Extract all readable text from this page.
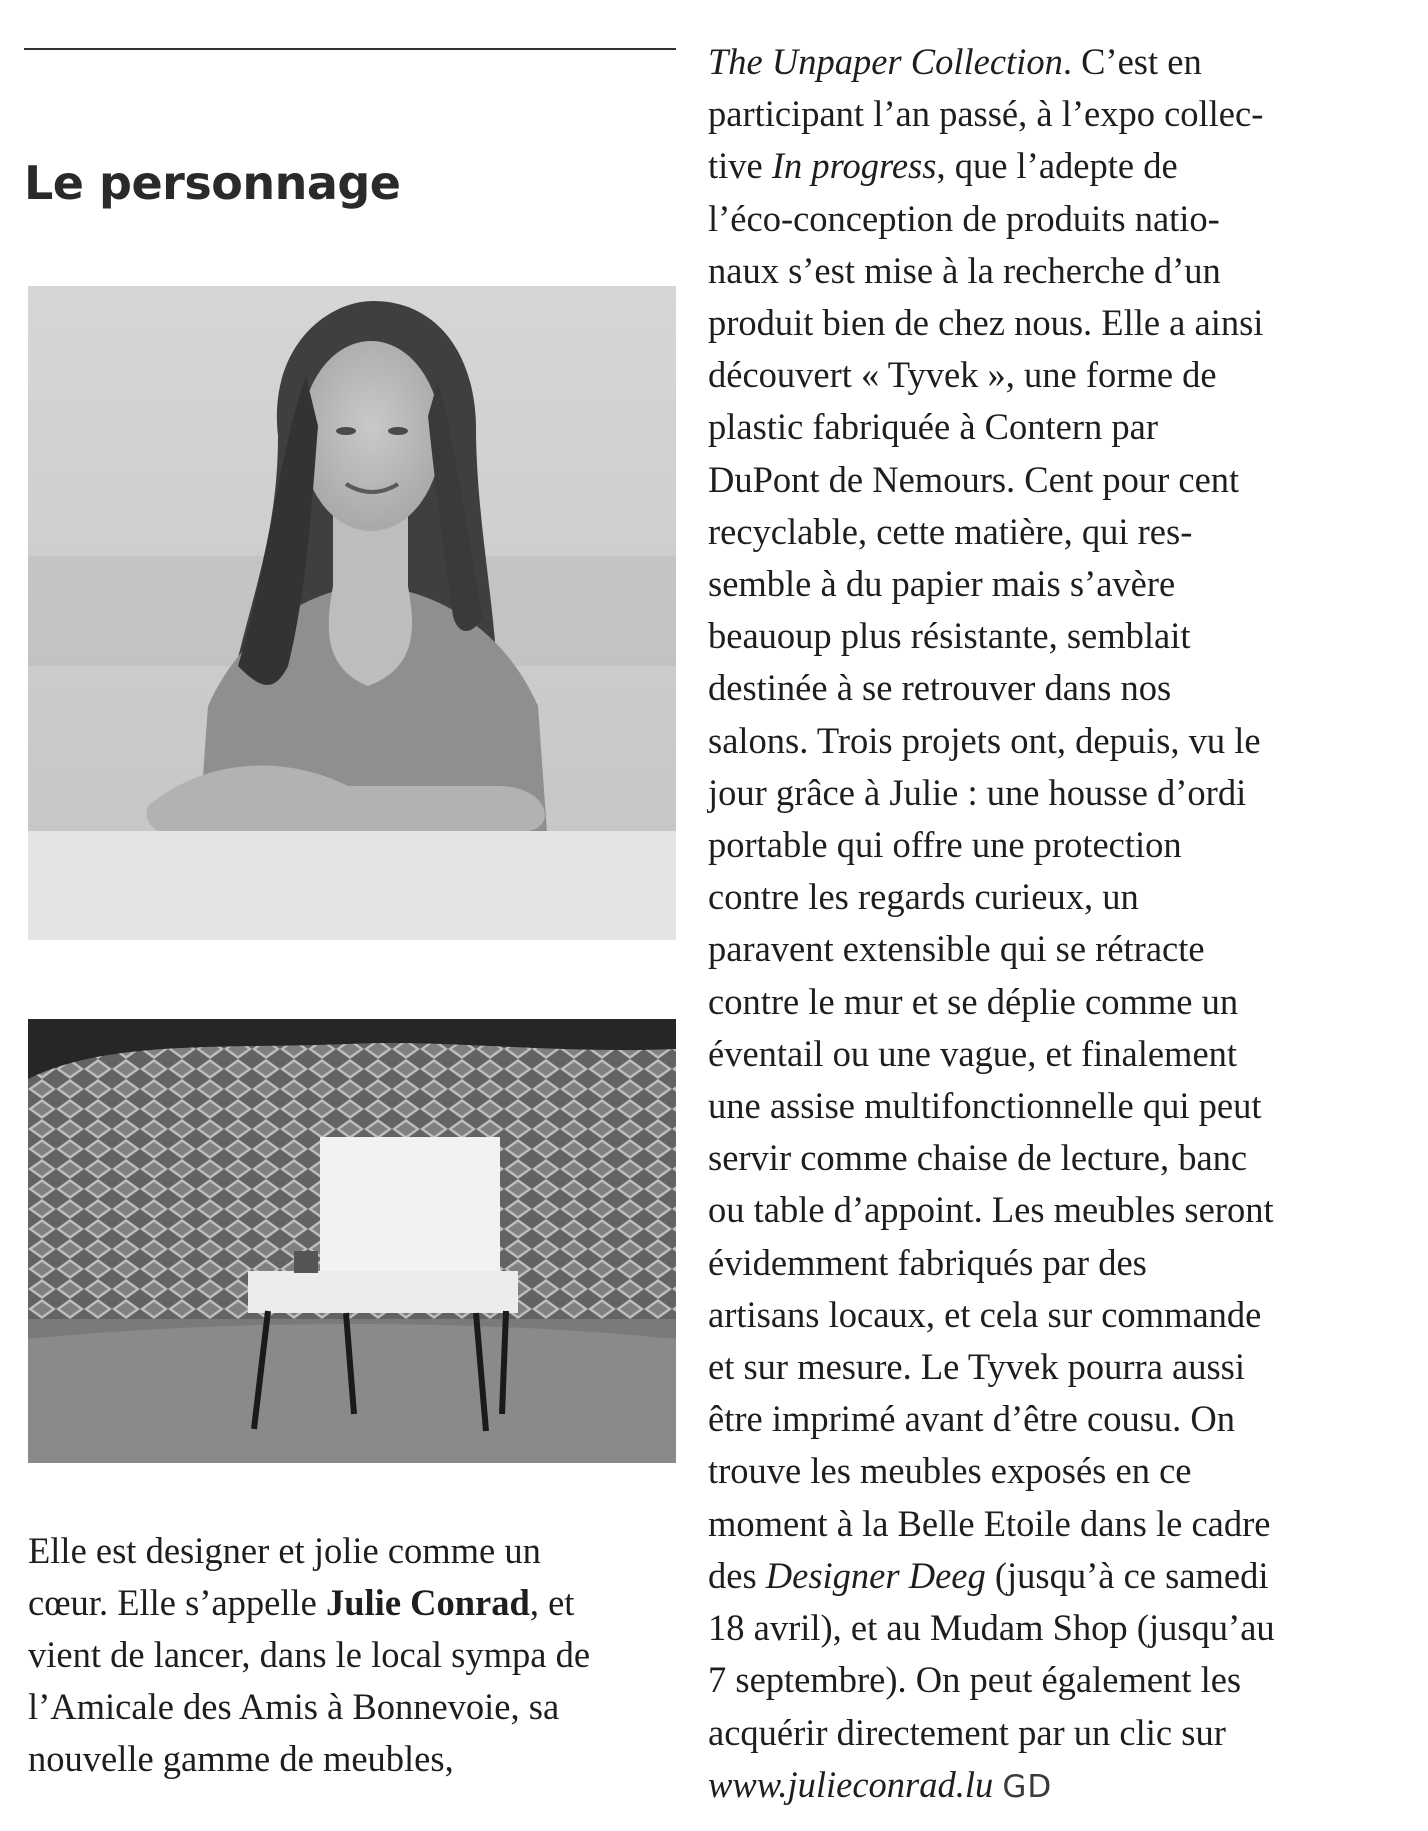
Le personnage

Elle est designer et jolie comme un
cœur. Elle s’appelle Julie Conrad, et
vient de lancer, dans le local sympa de
l’Amicale des Amis à Bonnevoie, sa
nouvelle gamme de meubles,

The Unpaper Collection. C’est en
participant l’an passé, à l’expo collec-
tive In progress, que l’adepte de
l’éco-conception de produits natio-
naux s’est mise à la recherche d’un
produit bien de chez nous. Elle a ainsi
découvert « Tyvek », une forme de
plastic fabriquée à Contern par
DuPont de Nemours. Cent pour cent
recyclable, cette matière, qui res-
semble à du papier mais s’avère
beauoup plus résistante, semblait
destinée à se retrouver dans nos
salons. Trois projets ont, depuis, vu le
jour grâce à Julie : une housse d’ordi
portable qui offre une protection
contre les regards curieux, un
paravent extensible qui se rétracte
contre le mur et se déplie comme un
éventail ou une vague, et finalement
une assise multifonctionnelle qui peut
servir comme chaise de lecture, banc
ou table d’appoint. Les meubles seront
évidemment fabriqués par des
artisans locaux, et cela sur commande
et sur mesure. Le Tyvek pourra aussi
être imprimé avant d’être cousu. On
trouve les meubles exposés en ce
moment à la Belle Etoile dans le cadre
des Designer Deeg (jusqu’à ce samedi
18 avril), et au Mudam Shop (jusqu’au
7 septembre). On peut également les
acquérir directement par un clic sur
www.julieconrad.lu GD
